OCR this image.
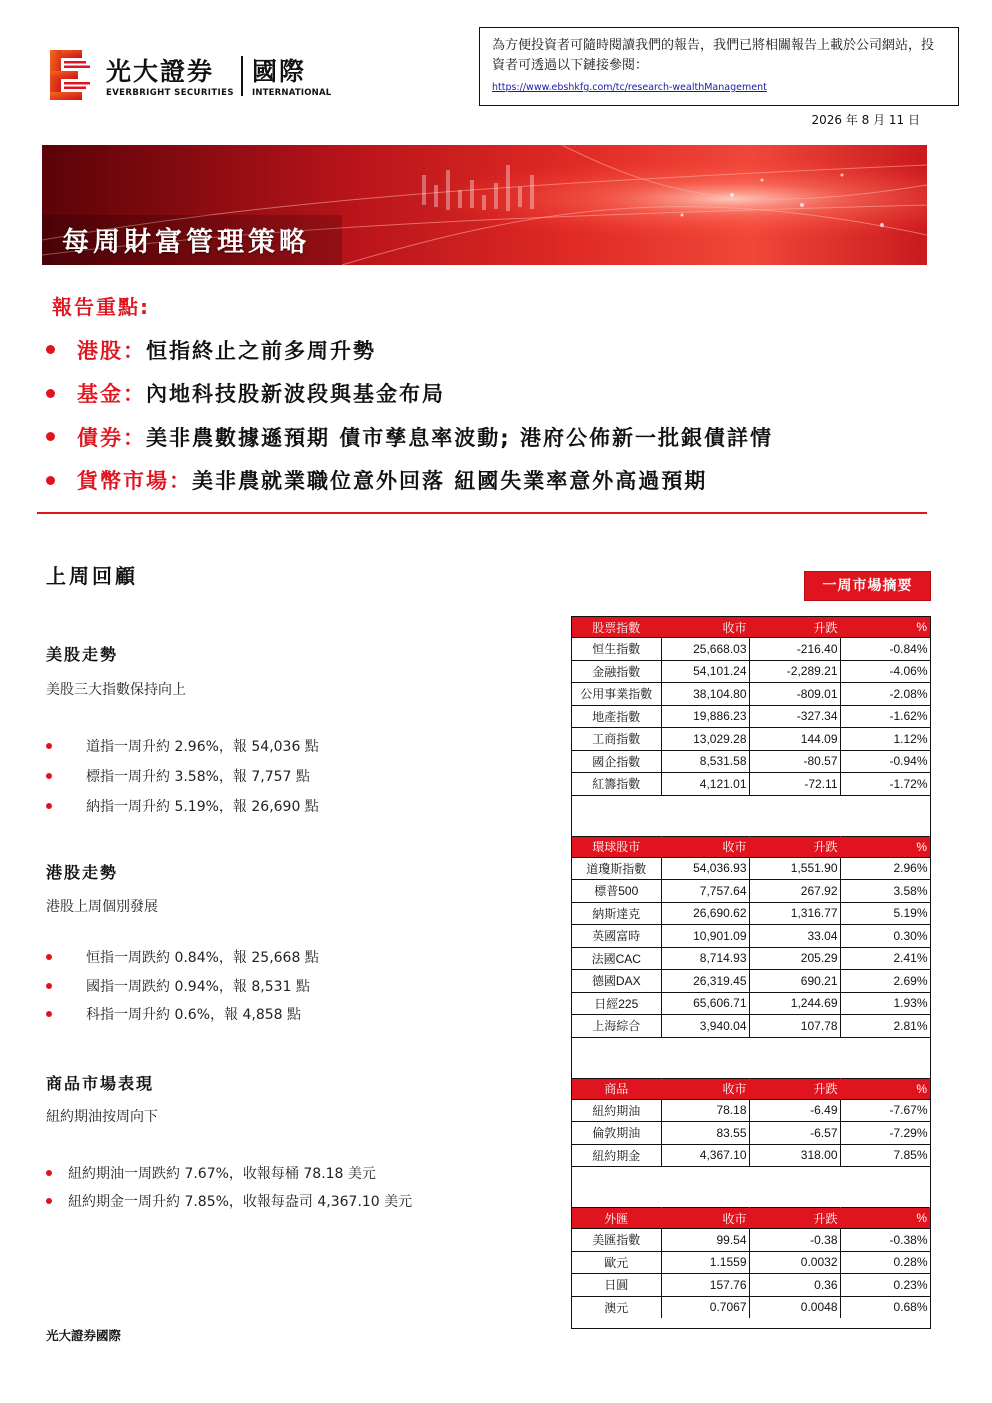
光大證券 國際
EVERBRIGHT SECURITIES INTERNATIONAL
為方便投資者可隨時閱讀我們的報告，我們已將相關報告上載於公司網站，投資者可透過以下鏈接參閱：
https://www.ebshkfg.com/tc/research-wealthManagement
2026 年 8 月 11 日
每周財富管理策略
報告重點:
港股： 恒指終止之前多周升勢
基金： 內地科技股新波段與基金布局
債券： 美非農數據遜預期 債市孳息率波動; 港府公佈新一批銀債詳情
貨幣市場： 美非農就業職位意外回落 紐國失業率意外高過預期
上周回顧	一周市場摘要
美股走勢
美股三大指數保持向上
道指一周升約 2.96%，報 54,036 點
標指一周升約 3.58%，報 7,757 點
納指一周升約 5.19%，報 26,690 點
港股走勢
港股上周個別發展
恒指一周跌約 0.84%，報 25,668 點
國指一周跌約 0.94%，報 8,531 點
科指一周升約 0.6%，報 4,858 點
商品市場表現
紐約期油按周向下
紐約期油一周跌約 7.67%，收報每桶 78.18 美元
紐約期金一周升約 7.85%，收報每盎司 4,367.10 美元
光大證券國際
股票指數	收市	升跌	%
恒生指數	25,668.03	-216.40	-0.84%
金融指數	54,101.24	-2,289.21	-4.06%
公用事業指數	38,104.80	-809.01	-2.08%
地產指數	19,886.23	-327.34	-1.62%
工商指數	13,029.28	144.09	1.12%
國企指數	8,531.58	-80.57	-0.94%
紅籌指數	4,121.01	-72.11	-1.72%
環球股市	收市	升跌	%
道瓊斯指數	54,036.93	1,551.90	2.96%
標普500	7,757.64	267.92	3.58%
納斯達克	26,690.62	1,316.77	5.19%
英國富時	10,901.09	33.04	0.30%
法國CAC	8,714.93	205.29	2.41%
德國DAX	26,319.45	690.21	2.69%
日經225	65,606.71	1,244.69	1.93%
上海綜合	3,940.04	107.78	2.81%
商品	收市	升跌	%
紐約期油	78.18	-6.49	-7.67%
倫敦期油	83.55	-6.57	-7.29%
紐約期金	4,367.10	318.00	7.85%
外匯	收市	升跌	%
美匯指數	99.54	-0.38	-0.38%
歐元	1.1559	0.0032	0.28%
日圓	157.76	0.36	0.23%
澳元	0.7067	0.0048	0.68%
